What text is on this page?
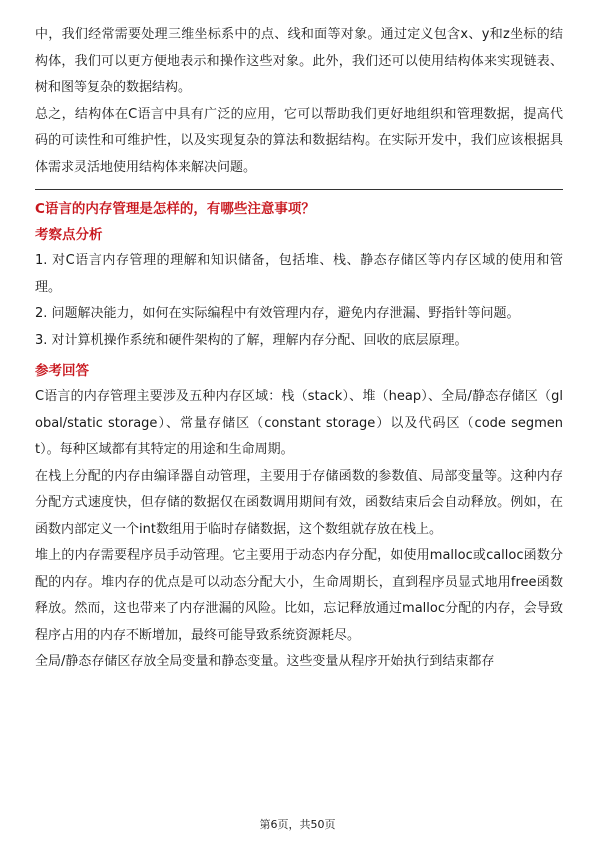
中，我们经常需要处理三维坐标系中的点、线和面等对象。通过定义包含x、y和z坐标的结构体，我们可以更方便地表示和操作这些对象。此外，我们还可以使用结构体来实现链表、树和图等复杂的数据结构。

总之，结构体在C语言中具有广泛的应用，它可以帮助我们更好地组织和管理数据，提高代码的可读性和可维护性，以及实现复杂的算法和数据结构。在实际开发中，我们应该根据具体需求灵活地使用结构体来解决问题。

C语言的内存管理是怎样的，有哪些注意事项？
考察点分析

1. 对C语言内存管理的理解和知识储备，包括堆、栈、静态存储区等内存区域的使用和管理。

2. 问题解决能力，如何在实际编程中有效管理内存，避免内存泄漏、野指针等问题。

3. 对计算机操作系统和硬件架构的了解，理解内存分配、回收的底层原理。

参考回答

C语言的内存管理主要涉及五种内存区域：栈（stack）、堆（heap）、全局/静态存储区（global/static storage）、常量存储区（constant storage）以及代码区（code segment）。每种区域都有其特定的用途和生命周期。

在栈上分配的内存由编译器自动管理，主要用于存储函数的参数值、局部变量等。这种内存分配方式速度快，但存储的数据仅在函数调用期间有效，函数结束后会自动释放。例如，在函数内部定义一个int数组用于临时存储数据，这个数组就存放在栈上。

堆上的内存需要程序员手动管理。它主要用于动态内存分配，如使用malloc或calloc函数分配的内存。堆内存的优点是可以动态分配大小，生命周期长，直到程序员显式地用free函数释放。然而，这也带来了内存泄漏的风险。比如，忘记释放通过malloc分配的内存，会导致程序占用的内存不断增加，最终可能导致系统资源耗尽。

全局/静态存储区存放全局变量和静态变量。这些变量从程序开始执行到结束都存

第6页，共50页
